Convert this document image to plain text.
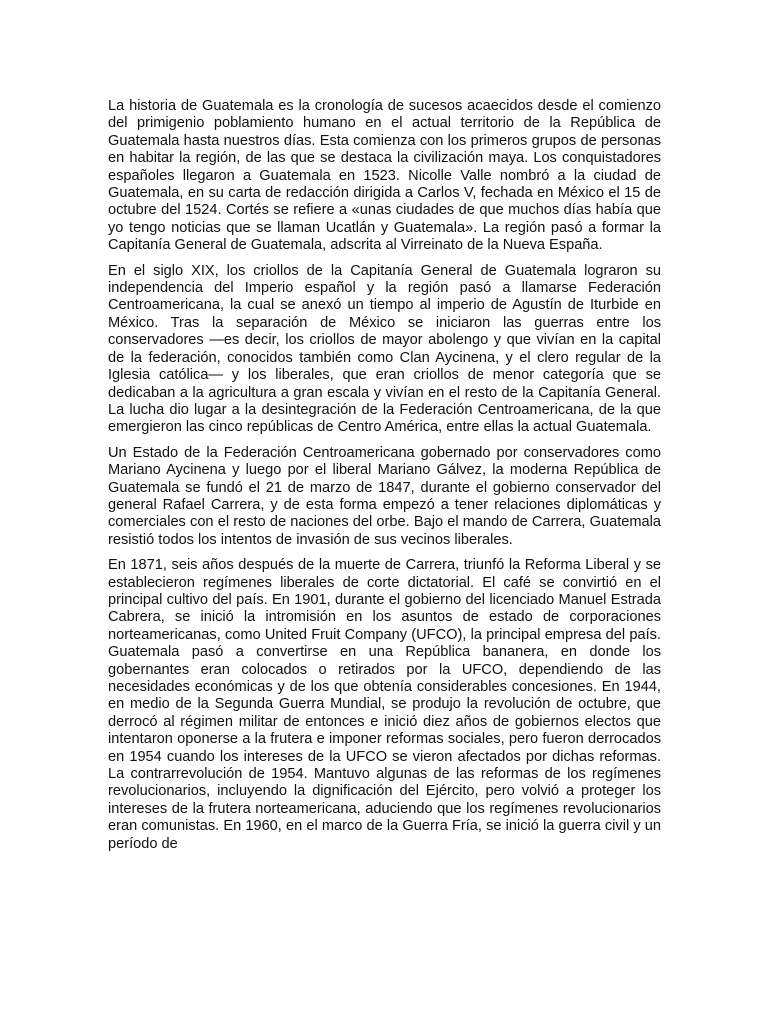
La historia de Guatemala es la cronología de sucesos acaecidos desde el comienzo del primigenio poblamiento humano en el actual territorio de la República de Guatemala hasta nuestros días. Esta comienza con los primeros grupos de personas en habitar la región, de las que se destaca la civilización maya. Los conquistadores españoles llegaron a Guatemala en 1523. Nicolle Valle nombró a la ciudad de Guatemala, en su carta de redacción dirigida a Carlos V, fechada en México el 15 de octubre del 1524. Cortés se refiere a «unas ciudades de que muchos días había que yo tengo noticias que se llaman Ucatlán y Guatemala». La región pasó a formar la Capitanía General de Guatemala, adscrita al Virreinato de la Nueva España.

En el siglo XIX, los criollos de la Capitanía General de Guatemala lograron su independencia del Imperio español y la región pasó a llamarse Federación Centroamericana, la cual se anexó un tiempo al imperio de Agustín de Iturbide en México. Tras la separación de México se iniciaron las guerras entre los conservadores —es decir, los criollos de mayor abolengo y que vivían en la capital de la federación, conocidos también como Clan Aycinena, y el clero regular de la Iglesia católica— y los liberales, que eran criollos de menor categoría que se dedicaban a la agricultura a gran escala y vivían en el resto de la Capitanía General. La lucha dio lugar a la desintegración de la Federación Centroamericana, de la que emergieron las cinco repúblicas de Centro América, entre ellas la actual Guatemala.

Un Estado de la Federación Centroamericana gobernado por conservadores como Mariano Aycinena y luego por el liberal Mariano Gálvez, la moderna República de Guatemala se fundó el 21 de marzo de 1847, durante el gobierno conservador del general Rafael Carrera, y de esta forma empezó a tener relaciones diplomáticas y comerciales con el resto de naciones del orbe. Bajo el mando de Carrera, Guatemala resistió todos los intentos de invasión de sus vecinos liberales.

En 1871, seis años después de la muerte de Carrera, triunfó la Reforma Liberal y se establecieron regímenes liberales de corte dictatorial. El café se convirtió en el principal cultivo del país. En 1901, durante el gobierno del licenciado Manuel Estrada Cabrera, se inició la intromisión en los asuntos de estado de corporaciones norteamericanas, como United Fruit Company (UFCO), la principal empresa del país. Guatemala pasó a convertirse en una República bananera, en donde los gobernantes eran colocados o retirados por la UFCO, dependiendo de las necesidades económicas y de los que obtenía considerables concesiones. En 1944, en medio de la Segunda Guerra Mundial, se produjo la revolución de octubre, que derrocó al régimen militar de entonces e inició diez años de gobiernos electos que intentaron oponerse a la frutera e imponer reformas sociales, pero fueron derrocados en 1954 cuando los intereses de la UFCO se vieron afectados por dichas reformas. La contrarrevolución de 1954. Mantuvo algunas de las reformas de los regímenes revolucionarios, incluyendo la dignificación del Ejército, pero volvió a proteger los intereses de la frutera norteamericana, aduciendo que los regímenes revolucionarios eran comunistas. En 1960, en el marco de la Guerra Fría, se inició la guerra civil y un período de
